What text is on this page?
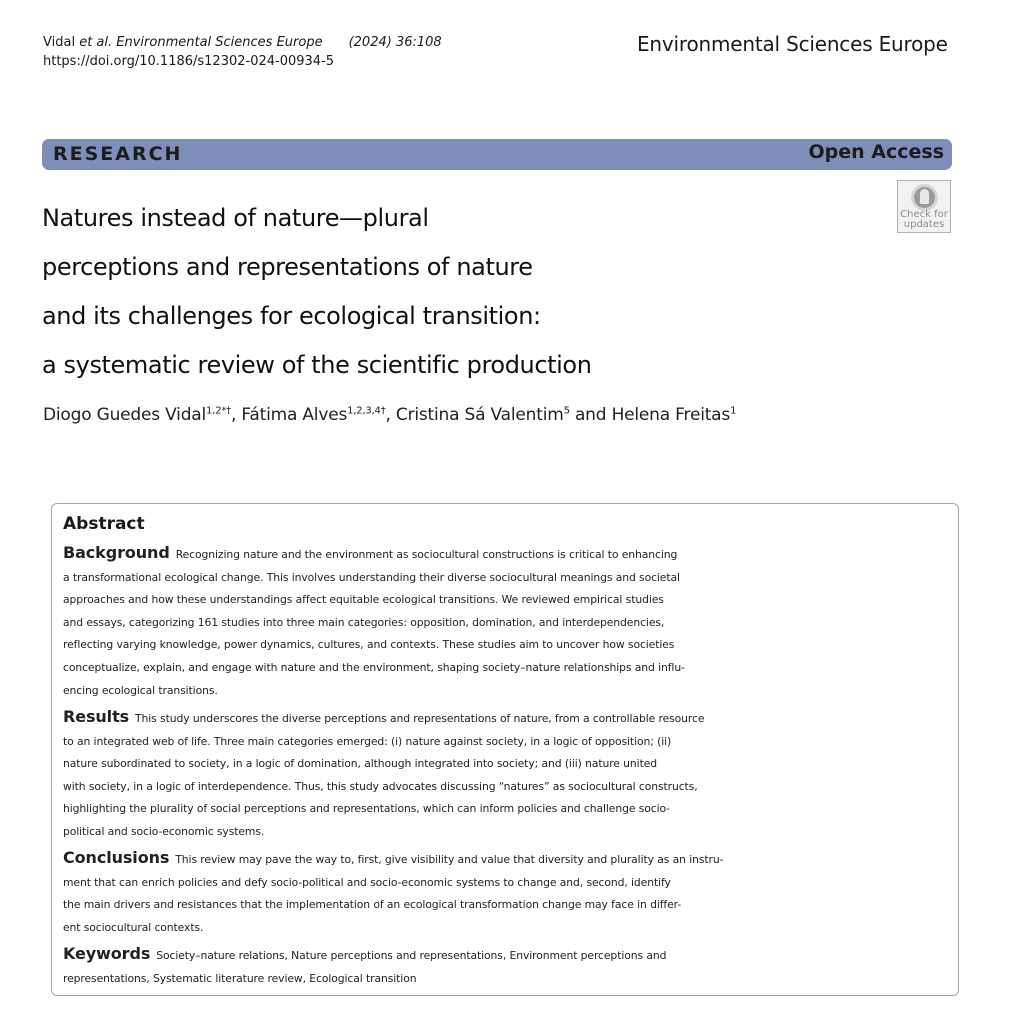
Vidal et al. Environmental Sciences Europe (2024) 36:108
https://doi.org/10.1186/s12302-024-00934-5
Environmental Sciences Europe
RESEARCH	Open Access
Check for
updates
Natures instead of nature—plural
perceptions and representations of nature
and its challenges for ecological transition:
a systematic review of the scientific production
Diogo Guedes Vidal$^{1,2*\dagger}$, Fátima Alves$^{1,2,3,4\dagger}$, Cristina Sá Valentim$^5$ and Helena Freitas$^1$
Abstract
Background Recognizing nature and the environment as sociocultural constructions is critical to enhancing
a transformational ecological change. This involves understanding their diverse sociocultural meanings and societal
approaches and how these understandings affect equitable ecological transitions. We reviewed empirical studies
and essays, categorizing 161 studies into three main categories: opposition, domination, and interdependencies,
reflecting varying knowledge, power dynamics, cultures, and contexts. These studies aim to uncover how societies
conceptualize, explain, and engage with nature and the environment, shaping society–nature relationships and influ-
encing ecological transitions.
Results This study underscores the diverse perceptions and representations of nature, from a controllable resource
to an integrated web of life. Three main categories emerged: (i) nature against society, in a logic of opposition; (ii)
nature subordinated to society, in a logic of domination, although integrated into society; and (iii) nature united
with society, in a logic of interdependence. Thus, this study advocates discussing “natures” as sociocultural constructs,
highlighting the plurality of social perceptions and representations, which can inform policies and challenge socio-
political and socio-economic systems.
Conclusions This review may pave the way to, first, give visibility and value that diversity and plurality as an instru-
ment that can enrich policies and defy socio-political and socio-economic systems to change and, second, identify
the main drivers and resistances that the implementation of an ecological transformation change may face in differ-
ent sociocultural contexts.
Keywords Society–nature relations, Nature perceptions and representations, Environment perceptions and
representations, Systematic literature review, Ecological transition
